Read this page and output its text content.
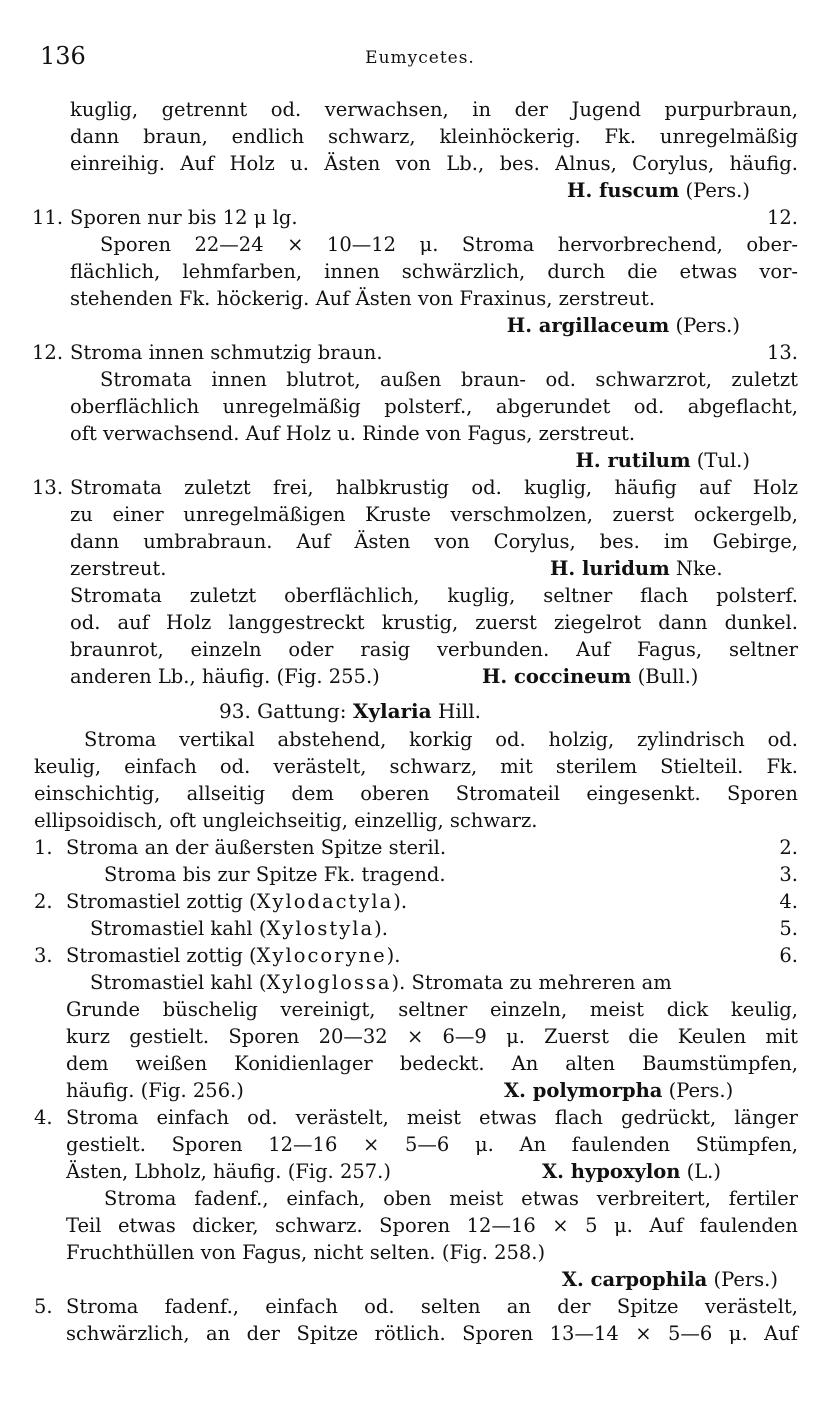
136	Eumycetes.
kuglig, getrennt od. verwachsen, in der Jugend purpurbraun,
dann braun, endlich schwarz, kleinhöckerig. Fk. unregelmäßig
einreihig. Auf Holz u. Ästen von Lb., bes. Alnus, Corylus, häufig.
H. fuscum (Pers.)
11. Sporen nur bis 12 μ lg.	12.
Sporen 22—24 × 10—12 μ. Stroma hervorbrechend, ober-
flächlich, lehmfarben, innen schwärzlich, durch die etwas vor-
stehenden Fk. höckerig. Auf Ästen von Fraxinus, zerstreut.
H. argillaceum (Pers.)
12. Stroma innen schmutzig braun.	13.
Stromata innen blutrot, außen braun- od. schwarzrot, zuletzt
oberflächlich unregelmäßig polsterf., abgerundet od. abgeflacht,
oft verwachsend. Auf Holz u. Rinde von Fagus, zerstreut.
H. rutilum (Tul.)
13. Stromata zuletzt frei, halbkrustig od. kuglig, häufig auf Holz
zu einer unregelmäßigen Kruste verschmolzen, zuerst ockergelb,
dann umbrabraun. Auf Ästen von Corylus, bes. im Gebirge,
zerstreut.	H. luridum Nke.
Stromata zuletzt oberflächlich, kuglig, seltner flach polsterf.
od. auf Holz langgestreckt krustig, zuerst ziegelrot dann dunkel.
braunrot, einzeln oder rasig verbunden. Auf Fagus, seltner
anderen Lb., häufig. (Fig. 255.)	H. coccineum (Bull.)
93. Gattung: Xylaria Hill.
Stroma vertikal abstehend, korkig od. holzig, zylindrisch od.
keulig, einfach od. verästelt, schwarz, mit sterilem Stielteil. Fk.
einschichtig, allseitig dem oberen Stromateil eingesenkt. Sporen
ellipsoidisch, oft ungleichseitig, einzellig, schwarz.
1. Stroma an der äußersten Spitze steril.	2.
Stroma bis zur Spitze Fk. tragend.	3.
2. Stromastiel zottig (Xylodactyla).	4.
Stromastiel kahl (Xylostyla).	5.
3. Stromastiel zottig (Xylocoryne).	6.
Stromastiel kahl (Xyloglossa). Stromata zu mehreren am
Grunde büschelig vereinigt, seltner einzeln, meist dick keulig,
kurz gestielt. Sporen 20—32 × 6—9 μ. Zuerst die Keulen mit
dem weißen Konidienlager bedeckt. An alten Baumstümpfen,
häufig. (Fig. 256.)	X. polymorpha (Pers.)
4. Stroma einfach od. verästelt, meist etwas flach gedrückt, länger
gestielt. Sporen 12—16 × 5—6 μ. An faulenden Stümpfen,
Ästen, Lbholz, häufig. (Fig. 257.)	X. hypoxylon (L.)
Stroma fadenf., einfach, oben meist etwas verbreitert, fertiler
Teil etwas dicker, schwarz. Sporen 12—16 × 5 μ. Auf faulenden
Fruchthüllen von Fagus, nicht selten. (Fig. 258.)
X. carpophila (Pers.)
5. Stroma fadenf., einfach od. selten an der Spitze verästelt,
schwärzlich, an der Spitze rötlich. Sporen 13—14 × 5—6 μ. Auf
